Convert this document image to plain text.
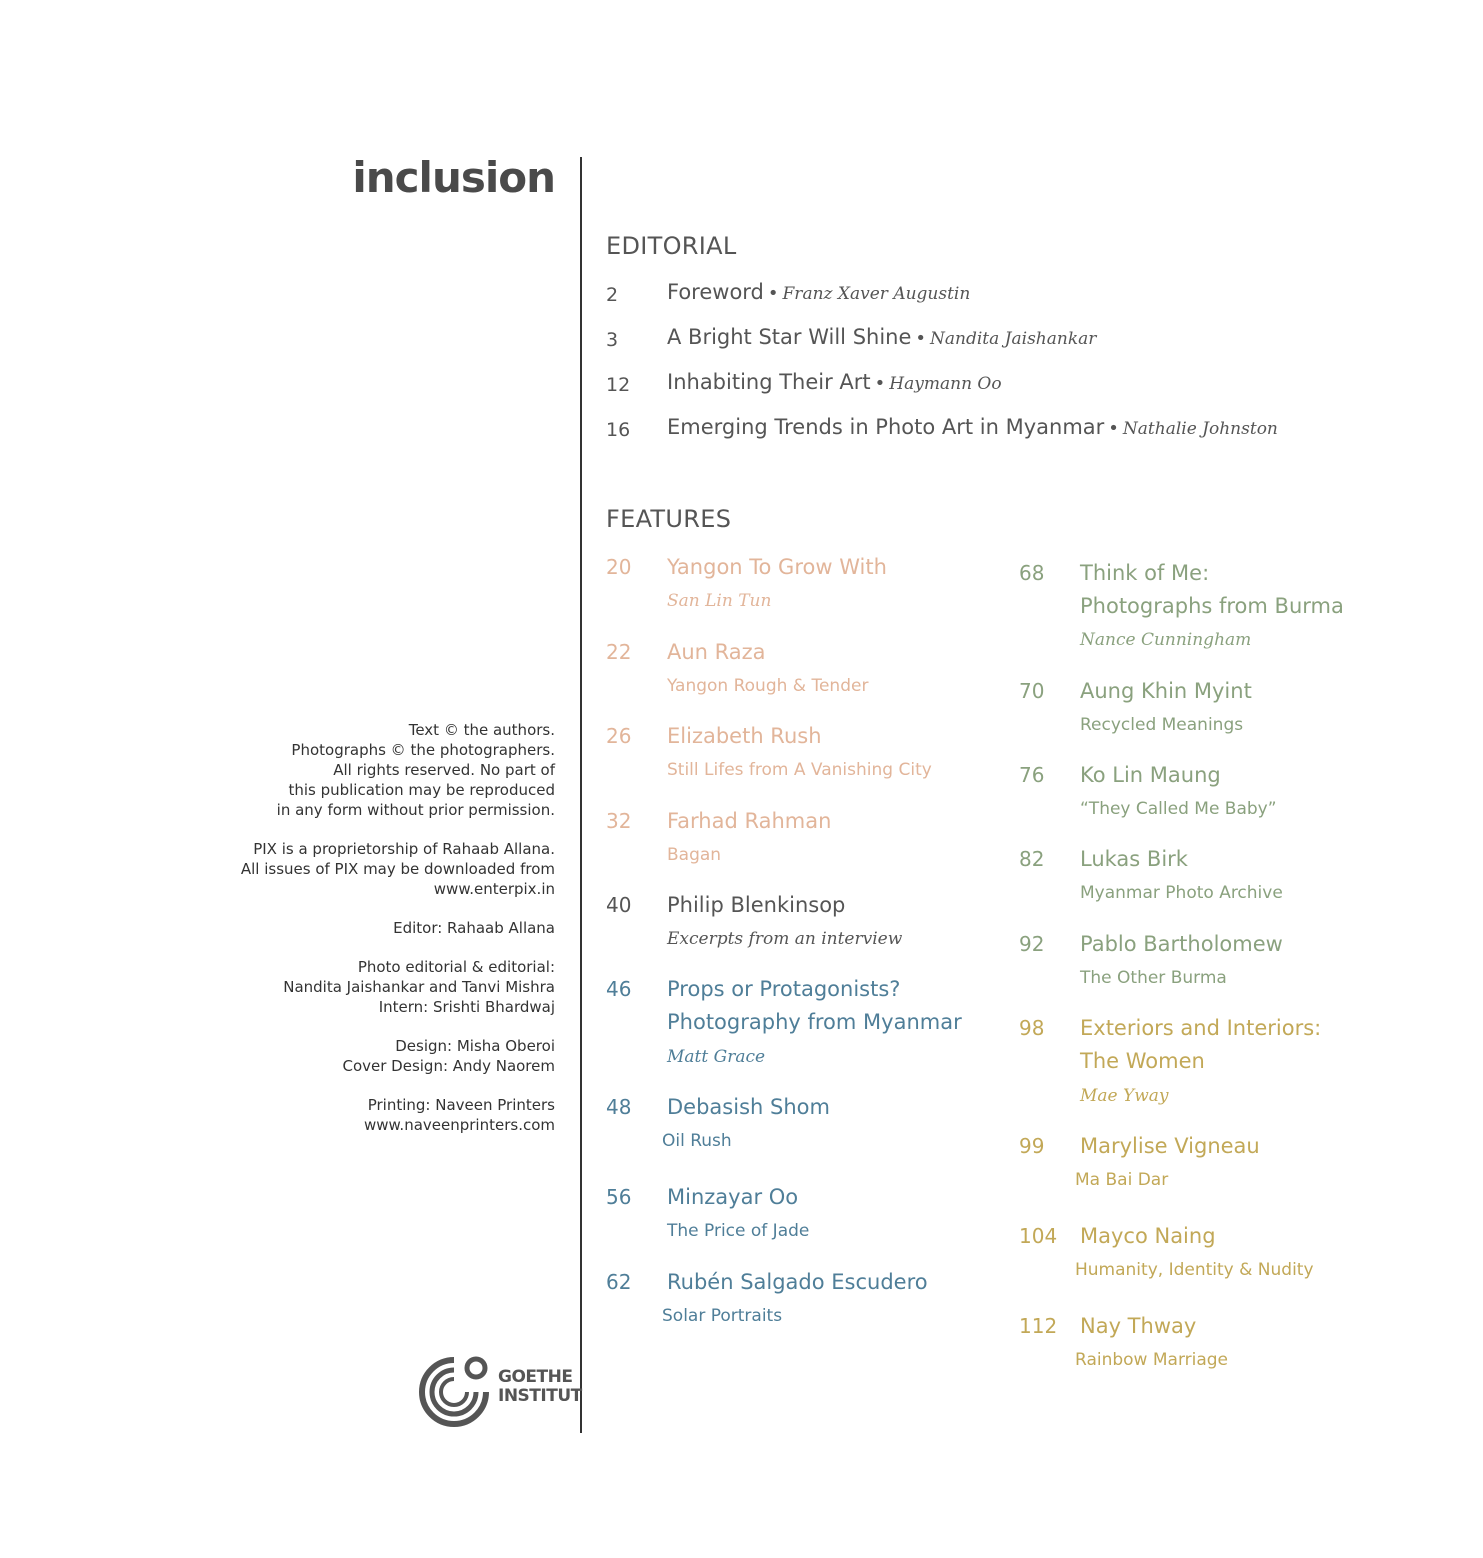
inclusion
Text © the authors.
Photographs © the photographers.
All rights reserved. No part of
this publication may be reproduced
in any form without prior permission.
PIX is a proprietorship of Rahaab Allana.
All issues of PIX may be downloaded from
www.enterpix.in
Editor: Rahaab Allana
Photo editorial & editorial:
Nandita Jaishankar and Tanvi Mishra
Intern: Srishti Bhardwaj
Design: Misha Oberoi
Cover Design: Andy Naorem
Printing: Naveen Printers
www.naveenprinters.com
GOETHE
INSTITUT
EDITORIAL
2 Foreword • Franz Xaver Augustin
3 A Bright Star Will Shine • Nandita Jaishankar
12 Inhabiting Their Art • Haymann Oo
16 Emerging Trends in Photo Art in Myanmar • Nathalie Johnston
FEATURES
20 Yangon To Grow With
San Lin Tun
22 Aun Raza
Yangon Rough & Tender
26 Elizabeth Rush
Still Lifes from A Vanishing City
32 Farhad Rahman
Bagan
40 Philip Blenkinsop
Excerpts from an interview
46 Props or Protagonists?
Photography from Myanmar
Matt Grace
48 Debasish Shom
Oil Rush
56 Minzayar Oo
The Price of Jade
62 Rubén Salgado Escudero
Solar Portraits
68 Think of Me:
Photographs from Burma
Nance Cunningham
70 Aung Khin Myint
Recycled Meanings
76 Ko Lin Maung
“They Called Me Baby”
82 Lukas Birk
Myanmar Photo Archive
92 Pablo Bartholomew
The Other Burma
98 Exteriors and Interiors:
The Women
Mae Yway
99 Marylise Vigneau
Ma Bai Dar
104 Mayco Naing
Humanity, Identity & Nudity
112 Nay Thway
Rainbow Marriage
